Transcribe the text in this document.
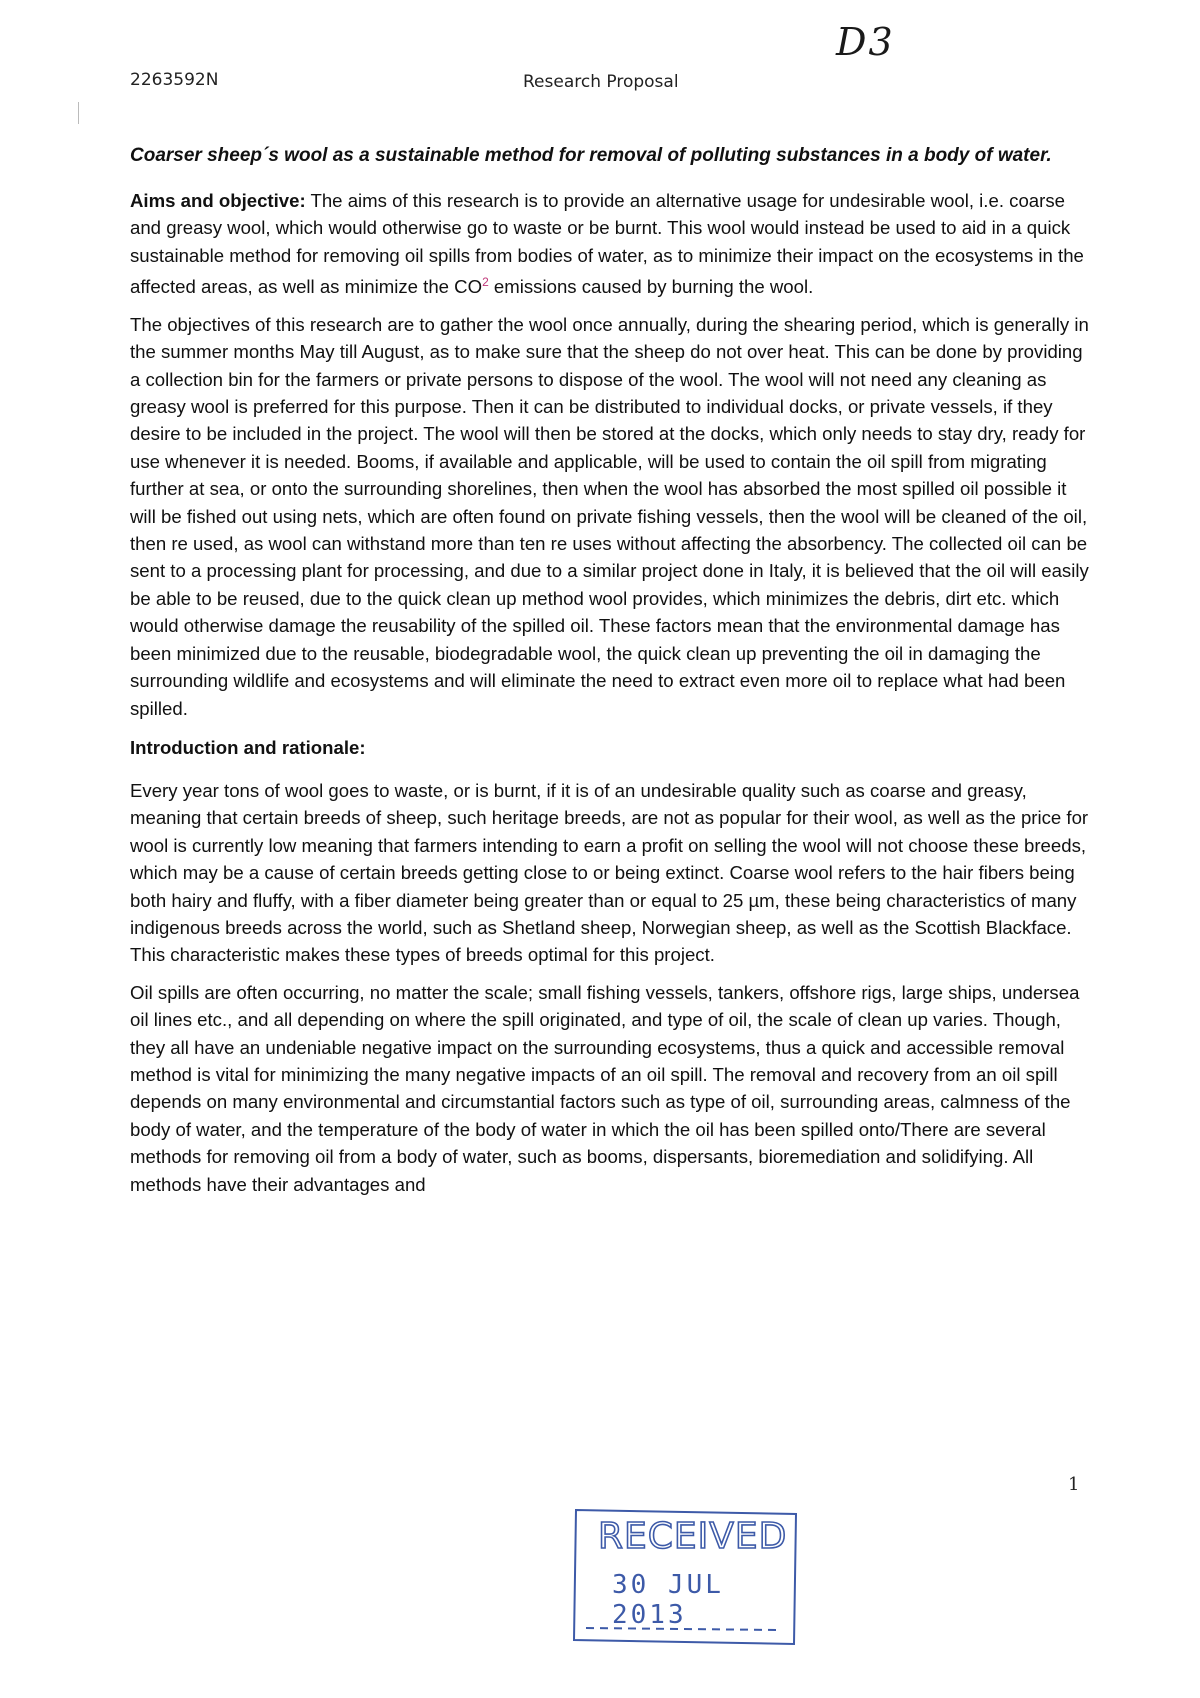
D3
2263592N	Research Proposal

Coarser sheep´s wool as a sustainable method for removal of polluting substances in a body of water.

Aims and objective: The aims of this research is to provide an alternative usage for undesirable wool, i.e. coarse and greasy wool, which would otherwise go to waste or be burnt. This wool would instead be used to aid in a quick sustainable method for removing oil spills from bodies of water, as to minimize their impact on the ecosystems in the affected areas, as well as minimize the $CO^2$ emissions caused by burning the wool.

The objectives of this research are to gather the wool once annually, during the shearing period, which is generally in the summer months May till August, as to make sure that the sheep do not over heat. This can be done by providing a collection bin for the farmers or private persons to dispose of the wool. The wool will not need any cleaning as greasy wool is preferred for this purpose. Then it can be distributed to individual docks, or private vessels, if they desire to be included in the project. The wool will then be stored at the docks, which only needs to stay dry, ready for use whenever it is needed. Booms, if available and applicable, will be used to contain the oil spill from migrating further at sea, or onto the surrounding shorelines, then when the wool has absorbed the most spilled oil possible it will be fished out using nets, which are often found on private fishing vessels, then the wool will be cleaned of the oil, then re used, as wool can withstand more than ten re uses without affecting the absorbency. The collected oil can be sent to a processing plant for processing, and due to a similar project done in Italy, it is believed that the oil will easily be able to be reused, due to the quick clean up method wool provides, which minimizes the debris, dirt etc. which would otherwise damage the reusability of the spilled oil. These factors mean that the environmental damage has been minimized due to the reusable, biodegradable wool, the quick clean up preventing the oil in damaging the surrounding wildlife and ecosystems and will eliminate the need to extract even more oil to replace what had been spilled.

Introduction and rationale:

Every year tons of wool goes to waste, or is burnt, if it is of an undesirable quality such as coarse and greasy, meaning that certain breeds of sheep, such heritage breeds, are not as popular for their wool, as well as the price for wool is currently low meaning that farmers intending to earn a profit on selling the wool will not choose these breeds, which may be a cause of certain breeds getting close to or being extinct. Coarse wool refers to the hair fibers being both hairy and fluffy, with a fiber diameter being greater than or equal to 25 µm, these being characteristics of many indigenous breeds across the world, such as Shetland sheep, Norwegian sheep, as well as the Scottish Blackface. This characteristic makes these types of breeds optimal for this project.

Oil spills are often occurring, no matter the scale; small fishing vessels, tankers, offshore rigs, large ships, undersea oil lines etc., and all depending on where the spill originated, and type of oil, the scale of clean up varies. Though, they all have an undeniable negative impact on the surrounding ecosystems, thus a quick and accessible removal method is vital for minimizing the many negative impacts of an oil spill. The removal and recovery from an oil spill depends on many environmental and circumstantial factors such as type of oil, surrounding areas, calmness of the body of water, and the temperature of the body of water in which the oil has been spilled onto/There are several methods for removing oil from a body of water, such as booms, dispersants, bioremediation and solidifying. All methods have their advantages and

1
RECEIVED
30 JUL 2013
